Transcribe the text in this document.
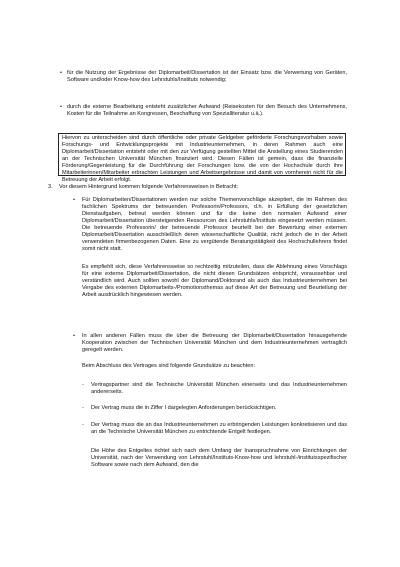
• für die Nutzung der Ergebnisse der Diplomarbeit/Dissertation ist der Einsatz bzw. die Verwertung von Geräten, Software und/oder Know-how des Lehrstuhls/Instituts notwendig;

• durch die externe Bearbeitung entsteht zusätzlicher Aufwand (Reisekosten für den Besuch des Unternehmens, Kosten für die Teilnahme an Kongressen, Beschaffung von Spezialliteratur u.ä.).

Hiervon zu unterscheiden sind durch öffentliche oder private Geldgeber geförderte Forschungsvorhaben sowie Forschungs- und Entwicklungsprojekte mit Industrieunternehmen, in deren Rahmen auch eine Diplomarbeit/Dissertation entsteht oder mit den zur Verfügung gestellten Mittel die Anstellung eines Studierenden an der Technischen Universität München finanziert wird. Diesen Fällen ist gemein, dass die finanzielle Förderung/Gegenleistung für die Durchführung der Forschungen bzw. die von der Hochschule durch ihre Mitarbeiterinnen/Mitarbeiter erbrachten Leistungen und Arbeitsergebnisse und damit von vornherein nicht für die Betreuung der Arbeit erfolgt.

3. Vor diesem Hintergrund kommen folgende Verfahrensweisen in Betracht:

• Für Diplomarbeiten/Dissertationen werden nur solche Themenvorschläge akzeptiert, die im Rahmen des fachlichen Spektrums der betreuenden Professorin/Professors, d.h. in Erfüllung der gesetzlichen Dienstaufgaben, betreut werden können und für die keine den normalen Aufwand einer Diplomarbeit/Dissertation übersteigenden Ressourcen des Lehrstuhls/Instituts eingesetzt werden müssen. Die betreuende Professorin/ der betreuende Professor beurteilt bei der Bewertung einer externen Diplomarbeit/Dissertation ausschließlich deren wissenschaftliche Qualität, nicht jedoch die in der Arbeit verwendeten firmenbezogenen Daten. Eine zu vergütende Beratungstätigkeit des Hochschullehrers findet somit nicht statt.

Es empfiehlt sich, diese Verfahrensweise so rechtzeitig mitzuteilen, dass die Ablehnung eines Vorschlags für eine externe Diplomarbeit/Dissertation, die nicht diesen Grundsätzen entspricht, voraussehbar und verständlich wird. Auch sollten sowohl der Diplomand/Doktorand als auch das Industrieunternehmen bei Vergabe des externen Diplomarbeits-/Promotionsthemas auf diese Art der Betreuung und Beurteilung der Arbeit ausdrücklich hingewiesen werden.

• In allen anderen Fällen muss die über die Betreuung der Diplomarbeit/Dissertation hinausgehende Kooperation zwischen der Technischen Universität München und dem Industrieunternehmen vertraglich geregelt werden.

Beim Abschluss des Vertrages sind folgende Grundsätze zu beachten:

- Vertragspartner sind die Technische Universität München einerseits und das Industrieunternehmen andererseits.

- Der Vertrag muss die in Ziffer I dargelegten Anforderungen berücksichtigen.

- Der Vertrag muss die an das Industrieunternehmen zu erbringenden Leistungen konkretisieren und das an die Technische Universität München zu entrichtende Entgelt festlegen.

Die Höhe des Entgeltes richtet sich nach dem Umfang der Inanspruchnahme von Einrichtungen der Universität, nach der Verwendung von Lehrstuhl/Instituts-Know-how und lehrstuhl-/institutsspezifischer Software sowie nach dem Aufwand, den die
